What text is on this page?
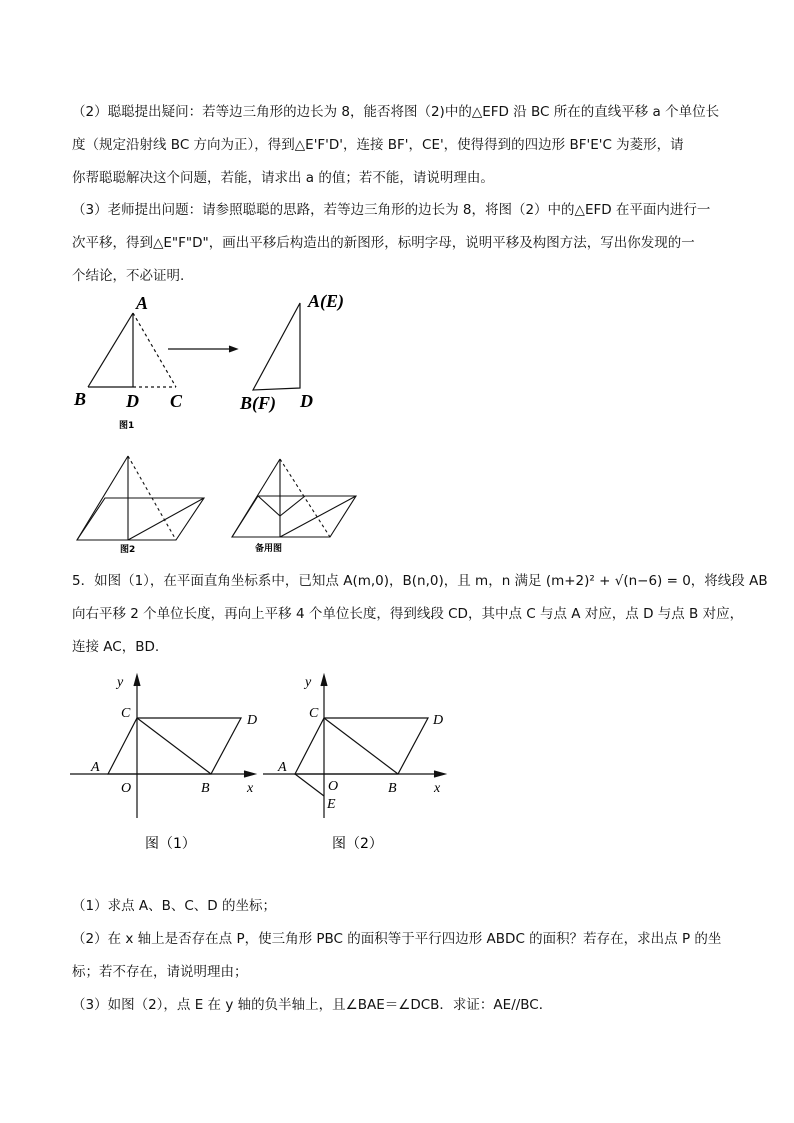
（2）聪聪提出疑问：若等边三角形的边长为 8，能否将图（2)中的△EFD 沿 BC 所在的直线平移 a 个单位长
度（规定沿射线 BC 方向为正），得到△E'F'D'，连接 BF'，CE'，使得得到的四边形 BF'E'C 为菱形，请
你帮聪聪解决这个问题，若能，请求出 a 的值；若不能，请说明理由。
（3）老师提出问题：请参照聪聪的思路，若等边三角形的边长为 8，将图（2）中的△EFD 在平面内进行一
次平移，得到△E"F"D"，画出平移后构造出的新图形，标明字母，说明平移及构图方法，写出你发现的一
个结论，不必证明.
A
B D C
A(E)
B(F) D
图1
图2	备用图
5．如图（1），在平面直角坐标系中，已知点 A(m,0)，B(n,0)，且 m，n 满足 (m+2)² + √(n−6) = 0，将线段 AB
向右平移 2 个单位长度，再向上平移 4 个单位长度，得到线段 CD，其中点 C 与点 A 对应，点 D 与点 B 对应，
连接 AC，BD.
y
x
C	D
A
O	B
图（1）
y
x
C	D
A
O	B
E
图（2）
（1）求点 A、B、C、D 的坐标；
（2）在 x 轴上是否存在点 P，使三角形 PBC 的面积等于平行四边形 ABDC 的面积？若存在，求出点 P 的坐
标；若不存在，请说明理由；
（3）如图（2），点 E 在 y 轴的负半轴上，且∠BAE＝∠DCB．求证：AE//BC．
